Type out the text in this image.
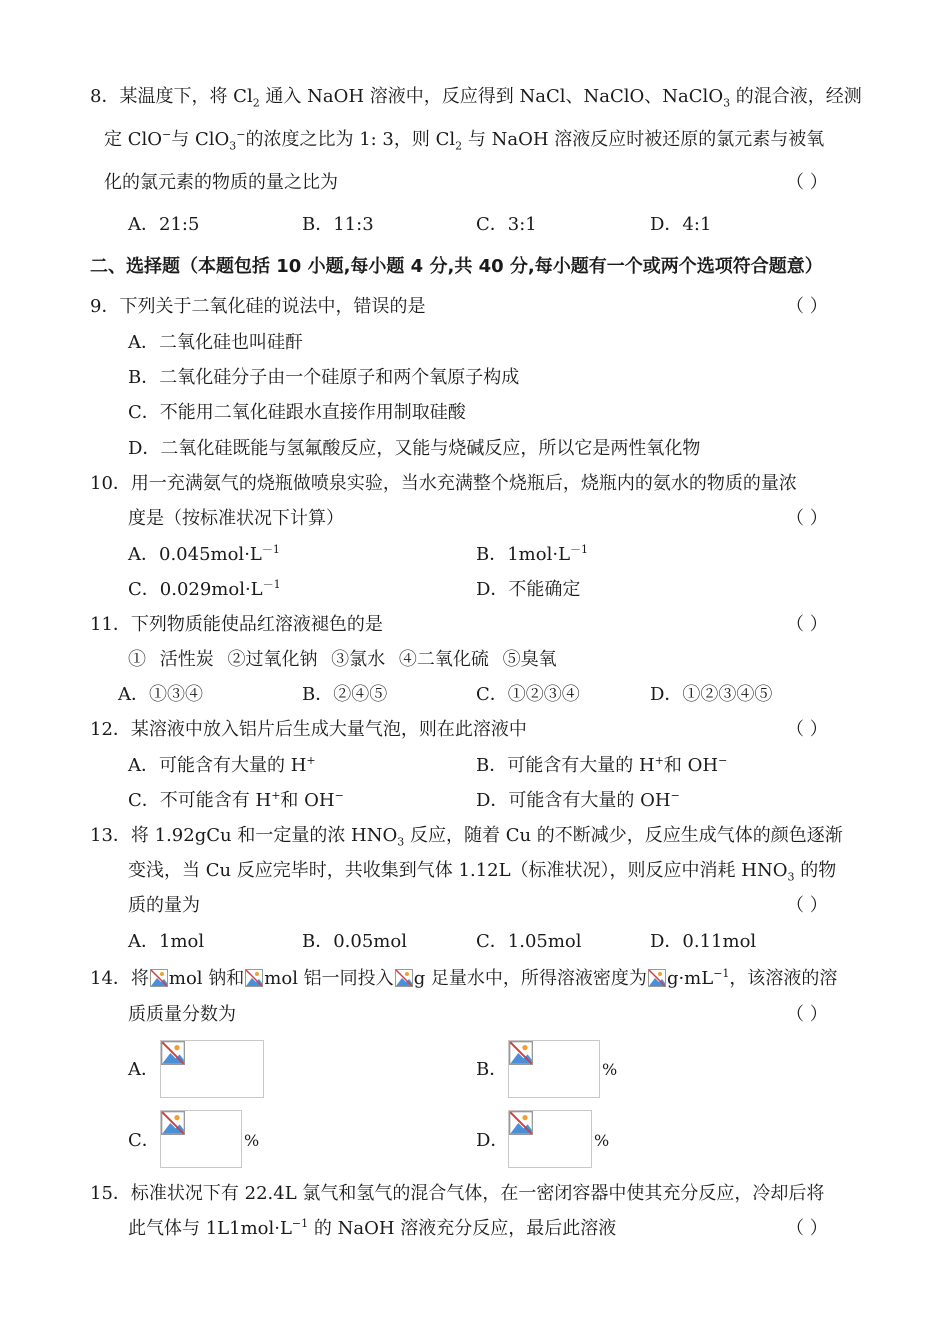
8．某温度下，将 $Cl_2$ 通入 NaOH 溶液中，反应得到 NaCl、NaClO、NaClO$_3$ 的混合液，经测
定 ClO−与 ClO$_3$−的浓度之比为 1: 3，则 $Cl_2$ 与 NaOH 溶液反应时被还原的氯元素与被氧
化的氯元素的物质的量之比为	（ ）
A．21:5	B．11:3	C．3:1	D．4:1
二、选择题（本题包括 10 小题,每小题 4 分,共 40 分,每小题有一个或两个选项符合题意）
9．下列关于二氧化硅的说法中，错误的是	（ ）
A．二氧化硅也叫硅酐
B．二氧化硅分子由一个硅原子和两个氧原子构成
C．不能用二氧化硅跟水直接作用制取硅酸
D．二氧化硅既能与氢氟酸反应，又能与烧碱反应，所以它是两性氧化物
10．用一充满氨气的烧瓶做喷泉实验，当水充满整个烧瓶后，烧瓶内的氨水的物质的量浓
度是（按标准状况下计算）	（ ）
A．$0.045mol\cdot L^{-1}$	B．$1mol\cdot L^{-1}$
C．$0.029mol\cdot L^{-1}$	D．不能确定
11．下列物质能使品红溶液褪色的是	（ ）
① 活性炭 ②过氧化钠 ③氯水 ④二氧化硫 ⑤臭氧
A．①③④	B．②④⑤	C．①②③④	D．①②③④⑤
12．某溶液中放入铝片后生成大量气泡，则在此溶液中	（ ）
A．可能含有大量的 H+	B．可能含有大量的 H+和 OH−
C．不可能含有 H+和 OH−	D．可能含有大量的 OH−
13．将 1.92gCu 和一定量的浓 $HNO_3$ 反应，随着 Cu 的不断减少，反应生成气体的颜色逐渐
变浅，当 Cu 反应完毕时，共收集到气体 1.12L（标准状况），则反应中消耗 $HNO_3$ 的物
质的量为	（ ）
A．1mol	B．0.05mol	C．1.05mol	D．0.11mol
14．将 mol 钠和 mol 铝一同投入 g 足量水中，所得溶液密度为 $g\cdot mL^{-1}$，该溶液的溶
质质量分数为	（ ）
A．	B．	%
C．	%	D．	%
15．标准状况下有 22.4L 氯气和氢气的混合气体，在一密闭容器中使其充分反应，冷却后将
此气体与 $1L1mol\cdot L^{-1}$ 的 NaOH 溶液充分反应，最后此溶液	（ ）
